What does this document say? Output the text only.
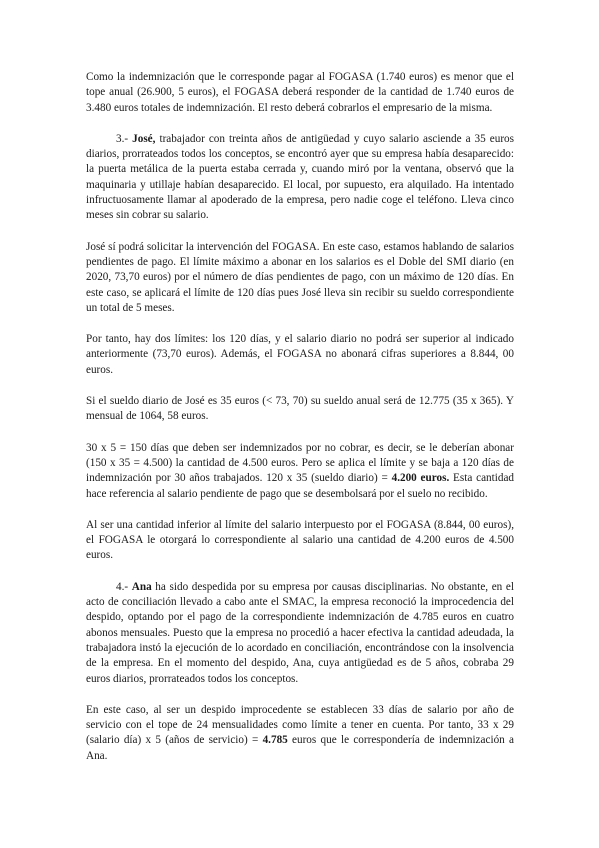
Como la indemnización que le corresponde pagar al FOGASA (1.740 euros) es menor que el tope anual (26.900, 5 euros), el FOGASA deberá responder de la cantidad de 1.740 euros de 3.480 euros totales de indemnización. El resto deberá cobrarlos el empresario de la misma.

3.- José, trabajador con treinta años de antigüedad y cuyo salario asciende a 35 euros diarios, prorrateados todos los conceptos, se encontró ayer que su empresa había desaparecido: la puerta metálica de la puerta estaba cerrada y, cuando miró por la ventana, observó que la maquinaria y utillaje habían desaparecido. El local, por supuesto, era alquilado. Ha intentado infructuosamente llamar al apoderado de la empresa, pero nadie coge el teléfono. Lleva cinco meses sin cobrar su salario.

José sí podrá solicitar la intervención del FOGASA. En este caso, estamos hablando de salarios pendientes de pago. El límite máximo a abonar en los salarios es el Doble del SMI diario (en 2020, 73,70 euros) por el número de días pendientes de pago, con un máximo de 120 días. En este caso, se aplicará el límite de 120 días pues José lleva sin recibir su sueldo correspondiente un total de 5 meses.

Por tanto, hay dos límites: los 120 días, y el salario diario no podrá ser superior al indicado anteriormente (73,70 euros). Además, el FOGASA no abonará cifras superiores a 8.844, 00 euros.

Si el sueldo diario de José es 35 euros (< 73, 70) su sueldo anual será de 12.775 (35 x 365). Y mensual de 1064, 58 euros.

30 x 5 = 150 días que deben ser indemnizados por no cobrar, es decir, se le deberían abonar (150 x 35 = 4.500) la cantidad de 4.500 euros. Pero se aplica el límite y se baja a 120 días de indemnización por 30 años trabajados. 120 x 35 (sueldo diario) = 4.200 euros. Esta cantidad hace referencia al salario pendiente de pago que se desembolsará por el suelo no recibido.

Al ser una cantidad inferior al límite del salario interpuesto por el FOGASA (8.844, 00 euros), el FOGASA le otorgará lo correspondiente al salario una cantidad de 4.200 euros de 4.500 euros.

4.- Ana ha sido despedida por su empresa por causas disciplinarias. No obstante, en el acto de conciliación llevado a cabo ante el SMAC, la empresa reconoció la improcedencia del despido, optando por el pago de la correspondiente indemnización de 4.785 euros en cuatro abonos mensuales. Puesto que la empresa no procedió a hacer efectiva la cantidad adeudada, la trabajadora instó la ejecución de lo acordado en conciliación, encontrándose con la insolvencia de la empresa. En el momento del despido, Ana, cuya antigüedad es de 5 años, cobraba 29 euros diarios, prorrateados todos los conceptos.

En este caso, al ser un despido improcedente se establecen 33 días de salario por año de servicio con el tope de 24 mensualidades como límite a tener en cuenta. Por tanto, 33 x 29 (salario día) x 5 (años de servicio) = 4.785 euros que le correspondería de indemnización a Ana.
